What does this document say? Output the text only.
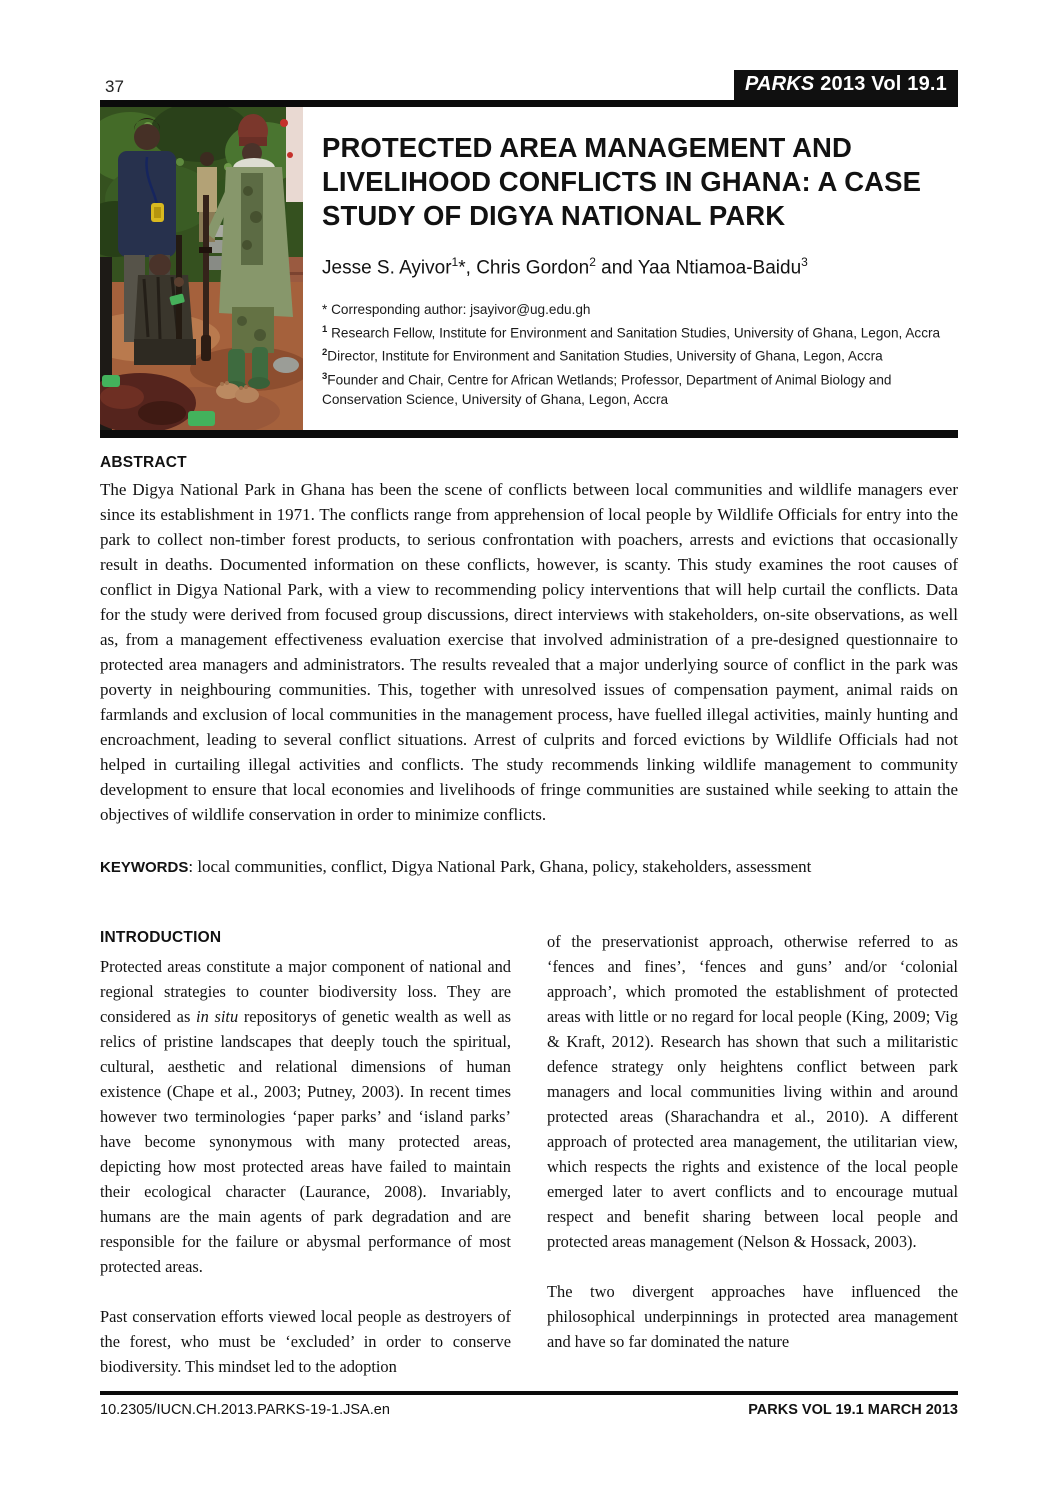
37	PARKS 2013 Vol 19.1
PROTECTED AREA MANAGEMENT AND
LIVELIHOOD CONFLICTS IN GHANA: A CASE
STUDY OF DIGYA NATIONAL PARK
Jesse S. Ayivor$^1$*, Chris Gordon$^2$ and Yaa Ntiamoa-Baidu$^3$
* Corresponding author: jsayivor@ug.edu.gh
$^1$ Research Fellow, Institute for Environment and Sanitation Studies, University of Ghana, Legon, Accra
$^2$Director, Institute for Environment and Sanitation Studies, University of Ghana, Legon, Accra
$^3$Founder and Chair, Centre for African Wetlands; Professor, Department of Animal Biology and Conservation Science, University of Ghana, Legon, Accra
ABSTRACT

The Digya National Park in Ghana has been the scene of conflicts between local communities and wildlife managers ever since its establishment in 1971. The conflicts range from apprehension of local people by Wildlife Officials for entry into the park to collect non-timber forest products, to serious confrontation with poachers, arrests and evictions that occasionally result in deaths. Documented information on these conflicts, however, is scanty. This study examines the root causes of conflict in Digya National Park, with a view to recommending policy interventions that will help curtail the conflicts. Data for the study were derived from focused group discussions, direct interviews with stakeholders, on-site observations, as well as, from a management effectiveness evaluation exercise that involved administration of a pre-designed questionnaire to protected area managers and administrators. The results revealed that a major underlying source of conflict in the park was poverty in neighbouring communities. This, together with unresolved issues of compensation payment, animal raids on farmlands and exclusion of local communities in the management process, have fuelled illegal activities, mainly hunting and encroachment, leading to several conflict situations. Arrest of culprits and forced evictions by Wildlife Officials had not helped in curtailing illegal activities and conflicts. The study recommends linking wildlife management to community development to ensure that local economies and livelihoods of fringe communities are sustained while seeking to attain the objectives of wildlife conservation in order to minimize conflicts.

KEYWORDS: local communities, conflict, Digya National Park, Ghana, policy, stakeholders, assessment
INTRODUCTION

Protected areas constitute a major component of national and regional strategies to counter biodiversity loss. They are considered as in situ repositorys of genetic wealth as well as relics of pristine landscapes that deeply touch the spiritual, cultural, aesthetic and relational dimensions of human existence (Chape et al., 2003; Putney, 2003). In recent times however two terminologies ‘paper parks’ and ‘island parks’ have become synonymous with many protected areas, depicting how most protected areas have failed to maintain their ecological character (Laurance, 2008). Invariably, humans are the main agents of park degradation and are responsible for the failure or abysmal performance of most protected areas.

Past conservation efforts viewed local people as destroyers of the forest, who must be ‘excluded’ in order to conserve biodiversity. This mindset led to the adoption

of the preservationist approach, otherwise referred to as ‘fences and fines’, ‘fences and guns’ and/or ‘colonial approach’, which promoted the establishment of protected areas with little or no regard for local people (King, 2009; Vig & Kraft, 2012). Research has shown that such a militaristic defence strategy only heightens conflict between park managers and local communities living within and around protected areas (Sharachandra et al., 2010). A different approach of protected area management, the utilitarian view, which respects the rights and existence of the local people emerged later to avert conflicts and to encourage mutual respect and benefit sharing between local people and protected areas management (Nelson & Hossack, 2003).

The two divergent approaches have influenced the philosophical underpinnings in protected area management and have so far dominated the nature

10.2305/IUCN.CH.2013.PARKS-19-1.JSA.en	PARKS VOL 19.1 MARCH 2013
